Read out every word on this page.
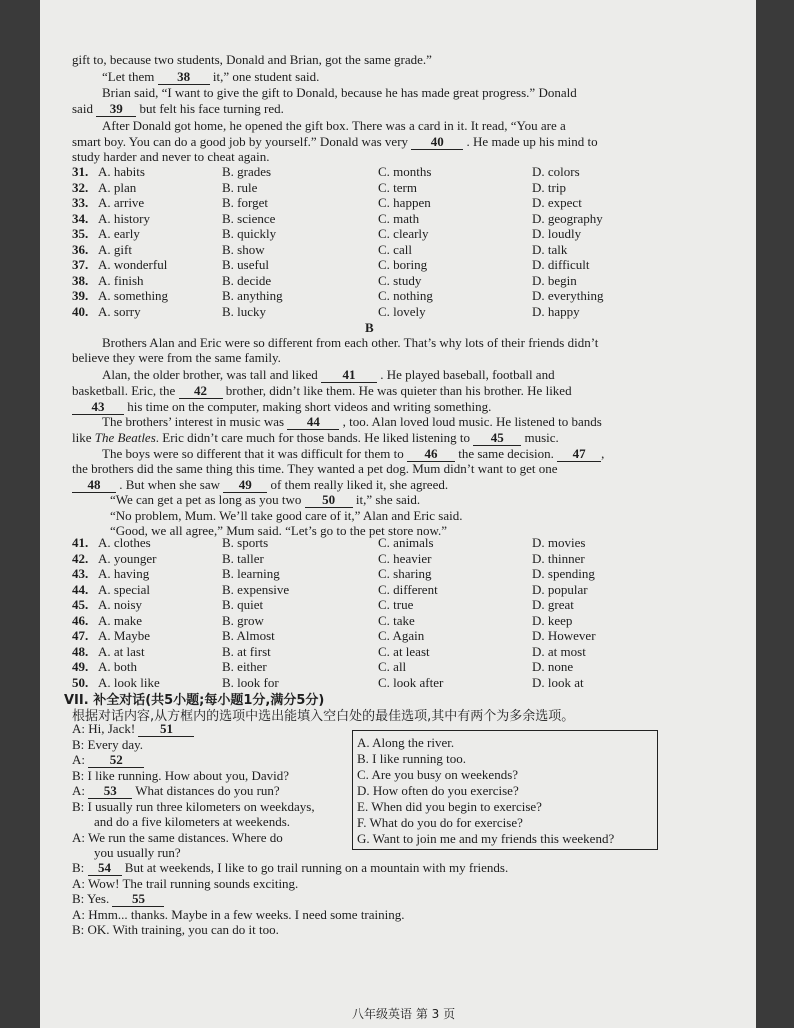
gift to, because two students, Donald and Brian, got the same grade.”
“Let them 38 it,” one student said.
Brian said, “I want to give the gift to Donald, because he has made great progress.” Donald
said 39 but felt his face turning red.
After Donald got home, he opened the gift box. There was a card in it. It read, “You are a
smart boy. You can do a good job by yourself.” Donald was very 40 . He made up his mind to
study harder and never to cheat again.
31. A. habits	B. grades	C. months	D. colors
32. A. plan	B. rule	C. term	D. trip
33. A. arrive	B. forget	C. happen	D. expect
34. A. history	B. science	C. math	D. geography
35. A. early	B. quickly	C. clearly	D. loudly
36. A. gift	B. show	C. call	D. talk
37. A. wonderful	B. useful	C. boring	D. difficult
38. A. finish	B. decide	C. study	D. begin
39. A. something	B. anything	C. nothing	D. everything
40. A. sorry	B. lucky	C. lovely	D. happy
B
Brothers Alan and Eric were so different from each other. That’s why lots of their friends didn’t
believe they were from the same family.
Alan, the older brother, was tall and liked 41 . He played baseball, football and
basketball. Eric, the 42 brother, didn’t like them. He was quieter than his brother. He liked
43 his time on the computer, making short videos and writing something.
The brothers’ interest in music was 44 , too. Alan loved loud music. He listened to bands
like The Beatles. Eric didn’t care much for those bands. He liked listening to 45 music.
The boys were so different that it was difficult for them to 46 the same decision. 47 ,
the brothers did the same thing this time. They wanted a pet dog. Mum didn’t want to get one
48 . But when she saw 49 of them really liked it, she agreed.
“We can get a pet as long as you two 50 it,” she said.
“No problem, Mum. We’ll take good care of it,” Alan and Eric said.
“Good, we all agree,” Mum said. “Let’s go to the pet store now.”
41. A. clothes	B. sports	C. animals	D. movies
42. A. younger	B. taller	C. heavier	D. thinner
43. A. having	B. learning	C. sharing	D. spending
44. A. special	B. expensive	C. different	D. popular
45. A. noisy	B. quiet	C. true	D. great
46. A. make	B. grow	C. take	D. keep
47. A. Maybe	B. Almost	C. Again	D. However
48. A. at last	B. at first	C. at least	D. at most
49. A. both	B. either	C. all	D. none
50. A. look like	B. look for	C. look after	D. look at
VII. 补全对话(共5小题;每小题1分,满分5分)
根据对话内容,从方框内的选项中选出能填入空白处的最佳选项,其中有两个为多余选项。
A: Hi, Jack! 51
B: Every day.
A: 52
B: I like running. How about you, David?
A: 53 What distances do you run?
B: I usually run three kilometers on weekdays,
and do a five kilometers at weekends.
A: We run the same distances. Where do
you usually run?
A. Along the river.
B. I like running too.
C. Are you busy on weekends?
D. How often do you exercise?
E. When did you begin to exercise?
F. What do you do for exercise?
G. Want to join me and my friends this weekend?
B: 54 But at weekends, I like to go trail running on a mountain with my friends.
A: Wow! The trail running sounds exciting.
B: Yes. 55
A: Hmm... thanks. Maybe in a few weeks. I need some training.
B: OK. With training, you can do it too.
八年级英语 第 3 页
